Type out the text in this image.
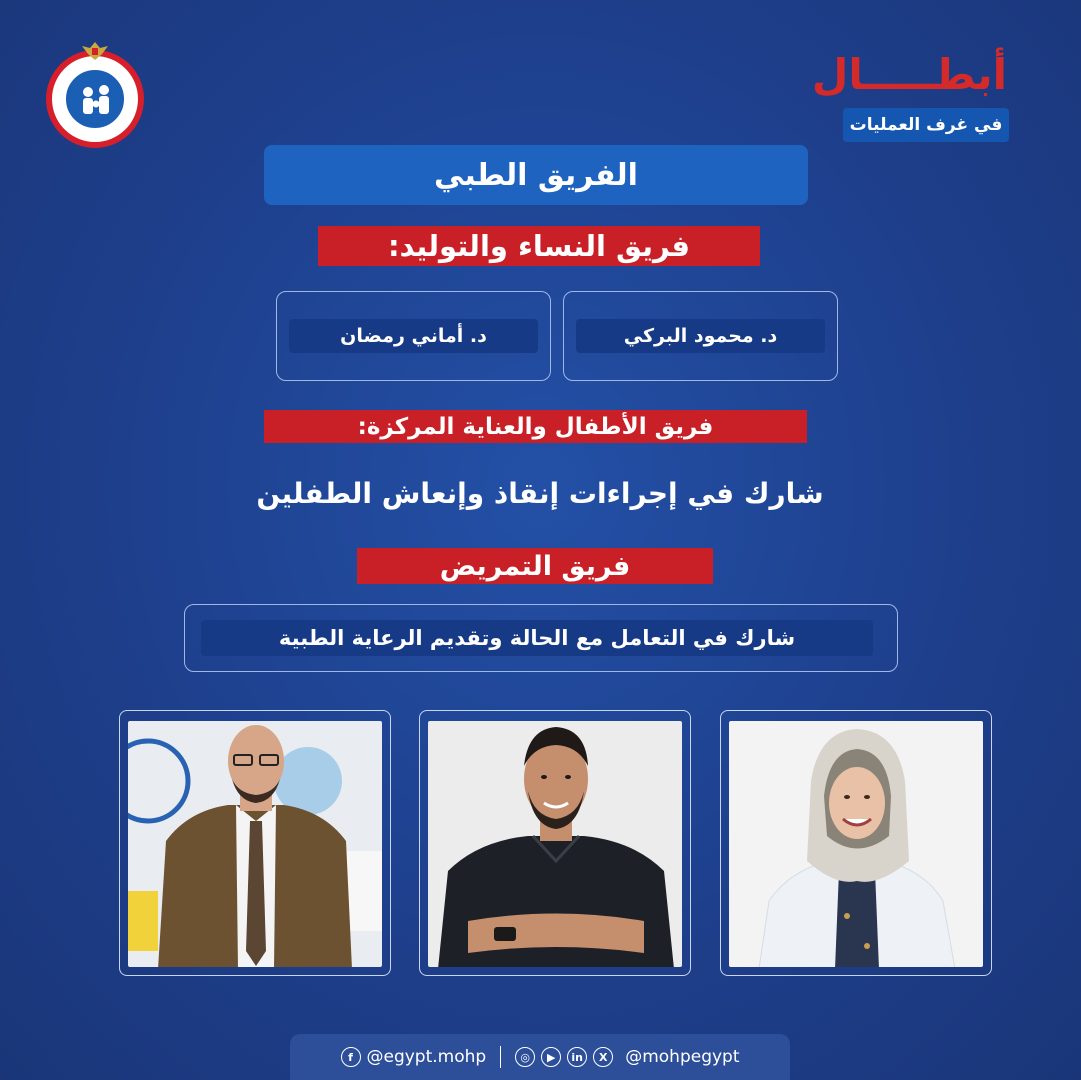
أبطـــــال
في غرف العمليات
الفريق الطبي
فريق النساء والتوليد:
د. محمود البركي
د. أماني رمضان
فريق الأطفال والعناية المركزة:
شارك في إجراءات إنقاذ وإنعاش الطفلين
فريق التمريض
شارك في التعامل مع الحالة وتقديم الرعاية الطبية
f @egypt.mohp	◎	▶	in	X	@mohpegypt
